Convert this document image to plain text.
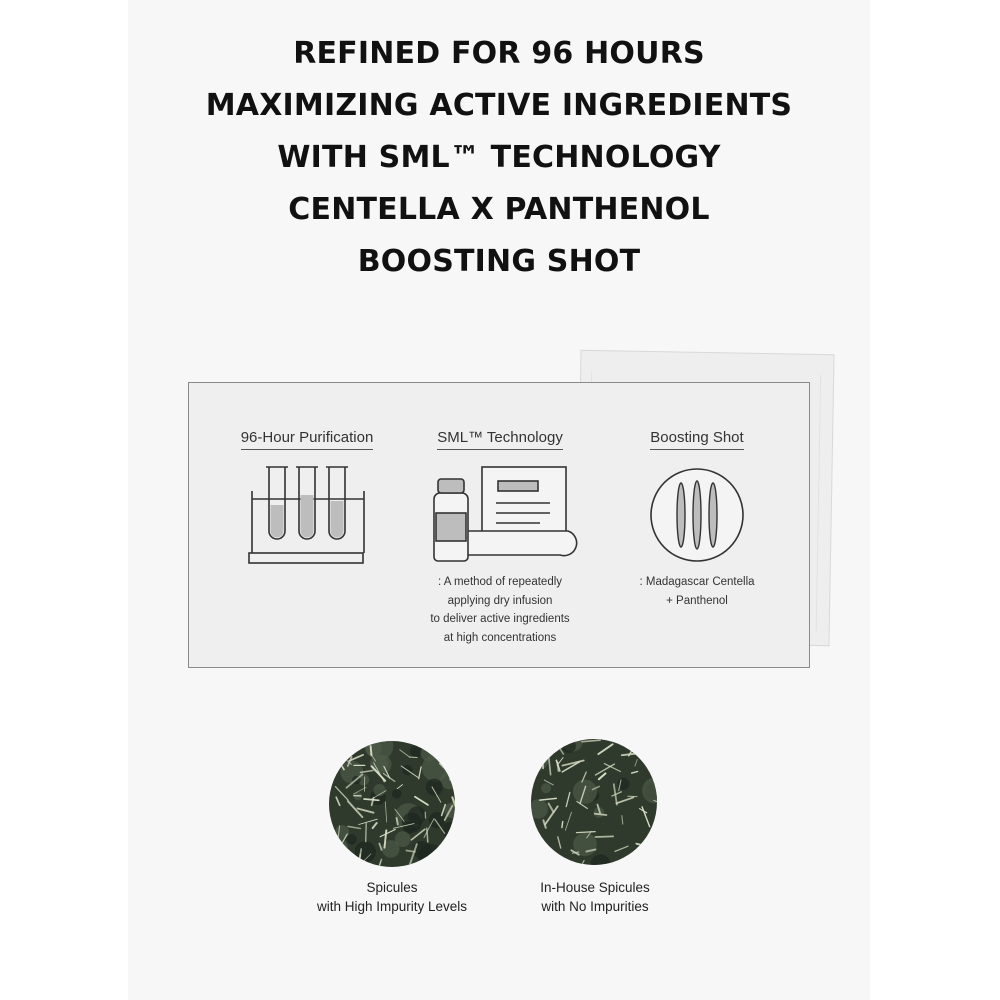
REFINED FOR 96 HOURS
MAXIMIZING ACTIVE INGREDIENTS
WITH SML™ TECHNOLOGY
CENTELLA X PANTHENOL
BOOSTING SHOT
96-Hour Purification	SML™ Technology
: A method of repeatedly
applying dry infusion
to deliver active ingredients
at high concentrations
Boosting Shot
: Madagascar Centella
+ Panthenol
Spicules
with High Impurity Levels
In-House Spicules
with No Impurities
